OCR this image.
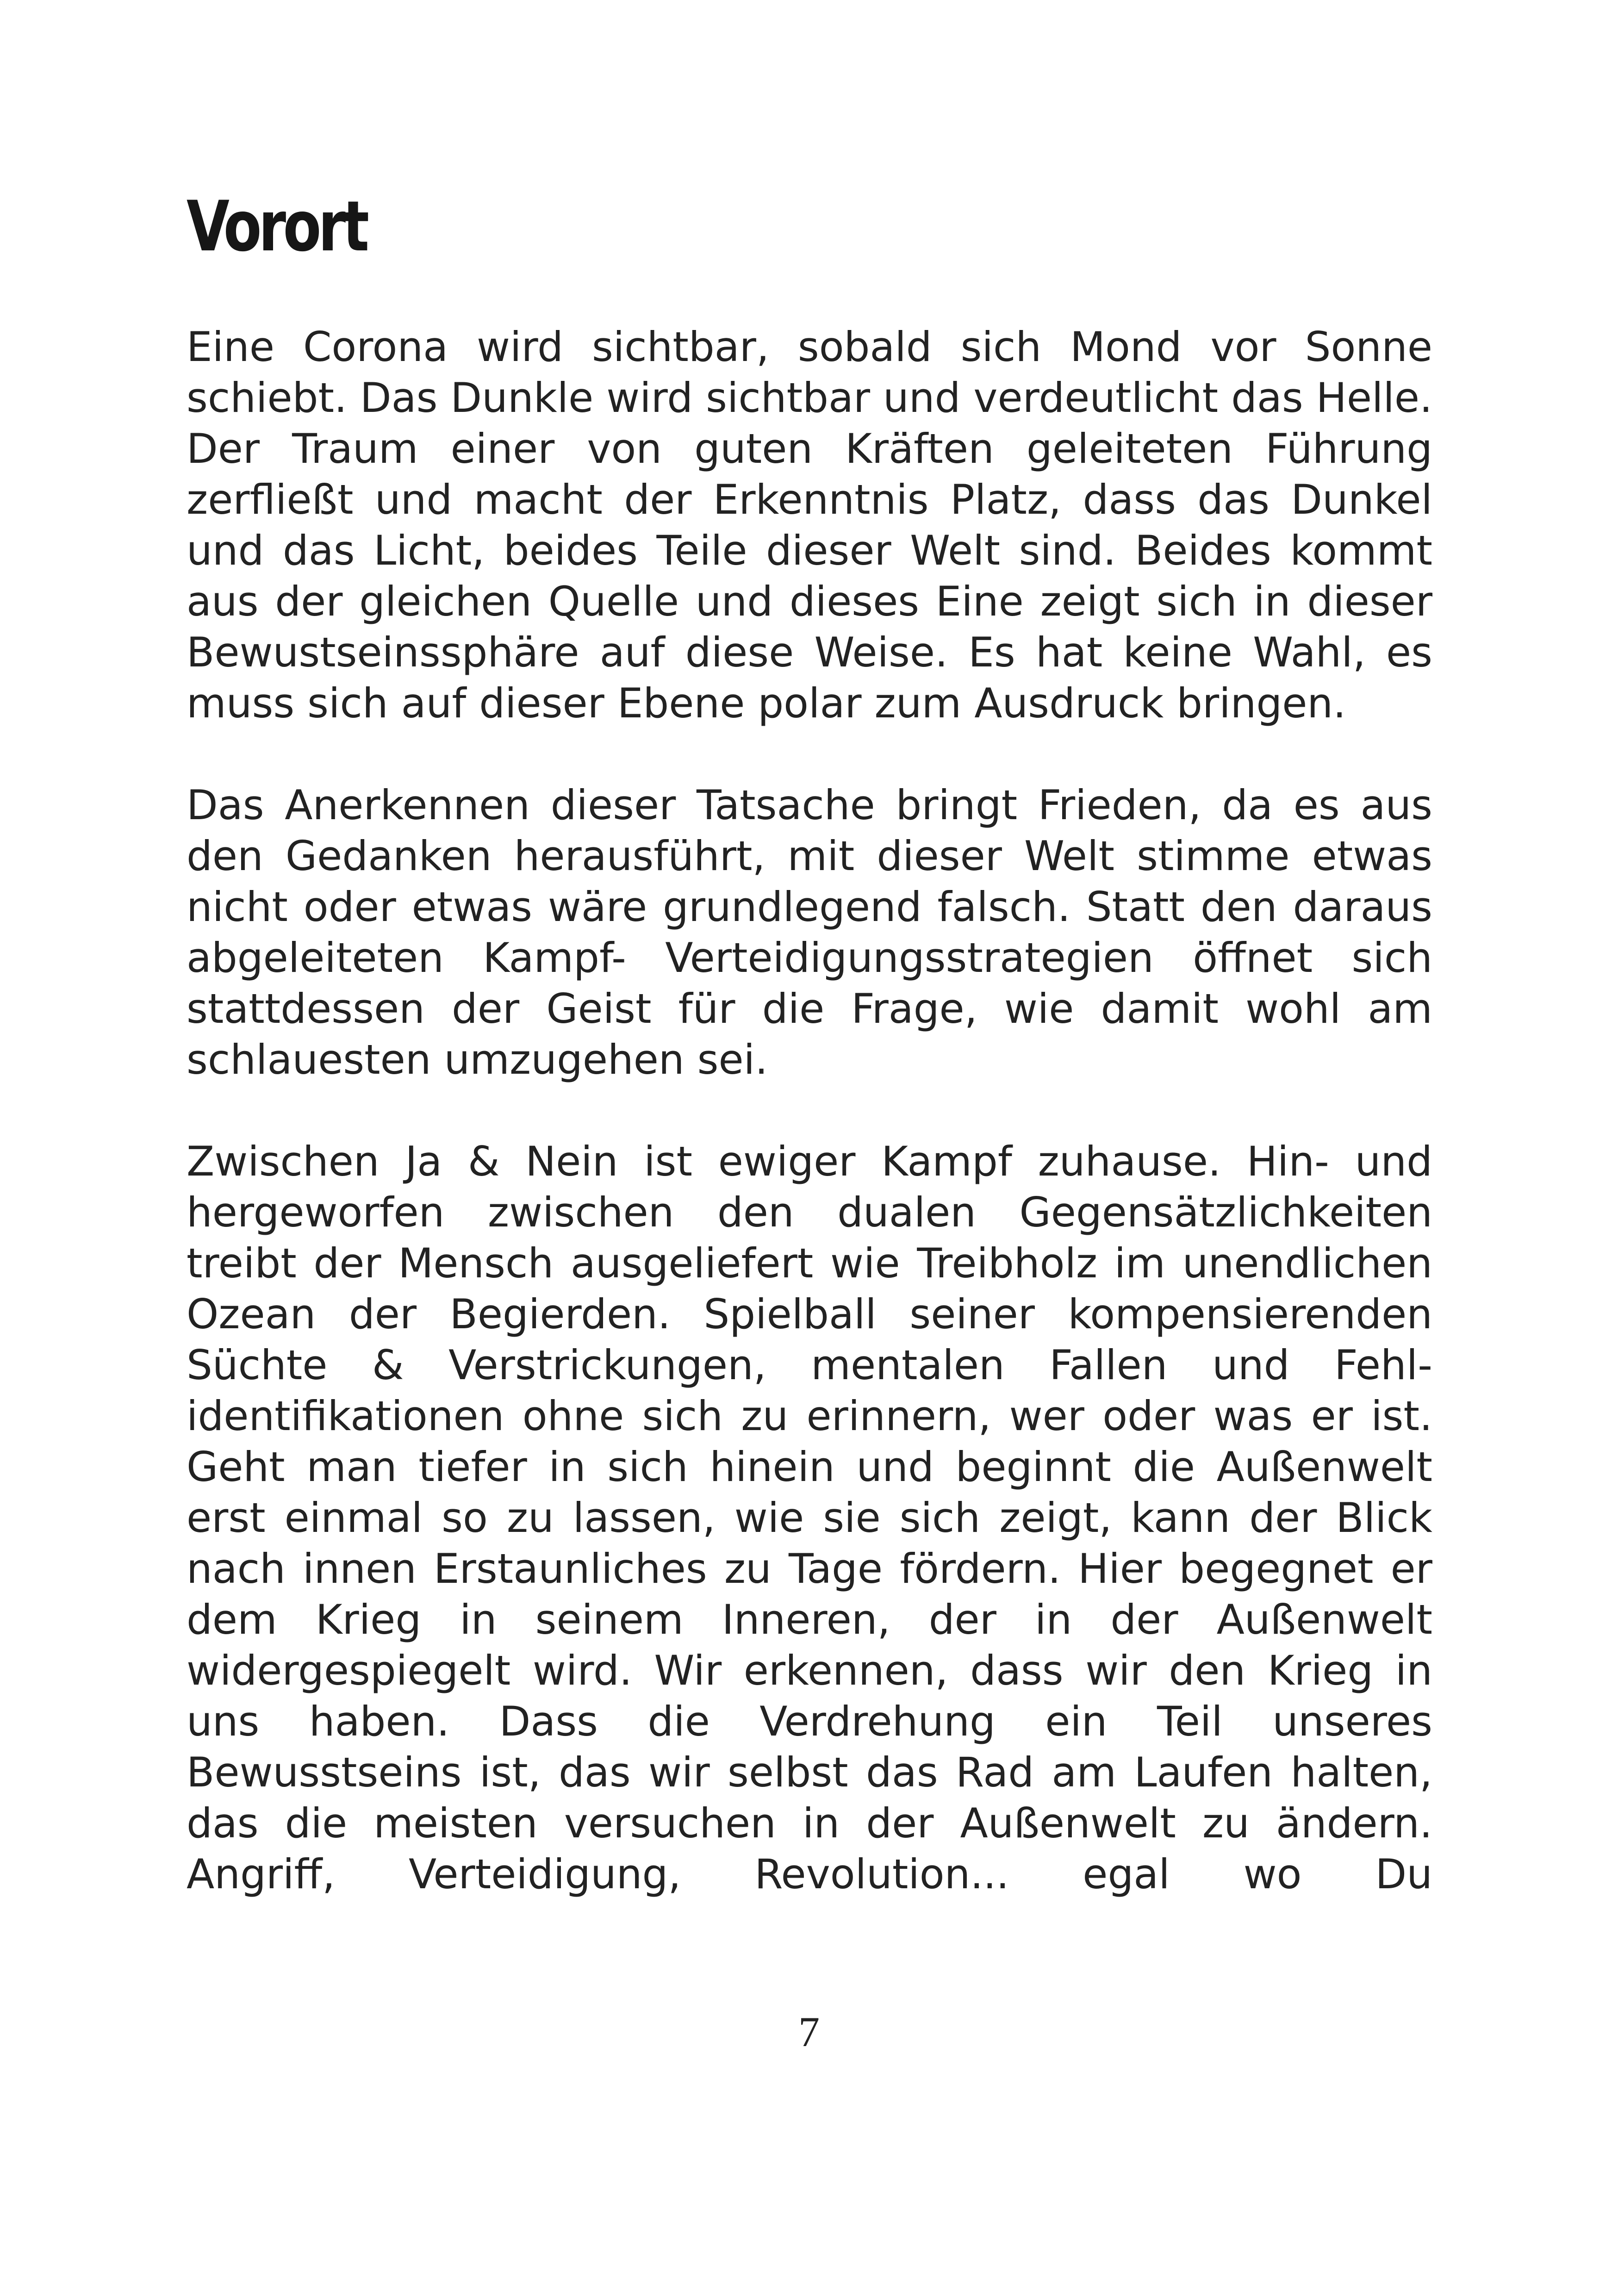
Vorort

Eine Corona wird sichtbar, sobald sich Mond vor Sonne schiebt. Das Dunkle wird sichtbar und verdeutlicht das Helle. Der Traum einer von guten Kräften geleiteten Führung zerfließt und macht der Erkenntnis Platz, dass das Dunkel und das Licht, beides Teile dieser Welt sind. Beides kommt aus der gleichen Quelle und dieses Eine zeigt sich in dieser Bewustseinssphäre auf diese Weise. Es hat keine Wahl, es muss sich auf dieser Ebene polar zum Ausdruck bringen.

Das Anerkennen dieser Tatsache bringt Frieden, da es aus den Gedanken herausführt, mit dieser Welt stimme etwas nicht oder etwas wäre grundlegend falsch. Statt den daraus abgeleiteten Kampf- Verteidigungsstrategien öffnet sich stattdessen der Geist für die Frage, wie damit wohl am schlauesten umzugehen sei.

Zwischen Ja & Nein ist ewiger Kampf zuhause. Hin- und hergeworfen zwischen den dualen Gegensätzlichkeiten treibt der Mensch ausgeliefert wie Treibholz im unendlichen Ozean der Begierden. Spielball seiner kompensierenden Süchte & Verstrickungen, mentalen Fallen und Fehl-identifikationen ohne sich zu erinnern, wer oder was er ist. Geht man tiefer in sich hinein und beginnt die Außenwelt erst einmal so zu lassen, wie sie sich zeigt, kann der Blick nach innen Erstaunliches zu Tage fördern. Hier begegnet er dem Krieg in seinem Inneren, der in der Außenwelt widergespiegelt wird. Wir erkennen, dass wir den Krieg in uns haben. Dass die Verdrehung ein Teil unseres Bewusstseins ist, das wir selbst das Rad am Laufen halten, das die meisten versuchen in der Außenwelt zu ändern. Angriff, Verteidigung, Revolution... egal wo Du

7
